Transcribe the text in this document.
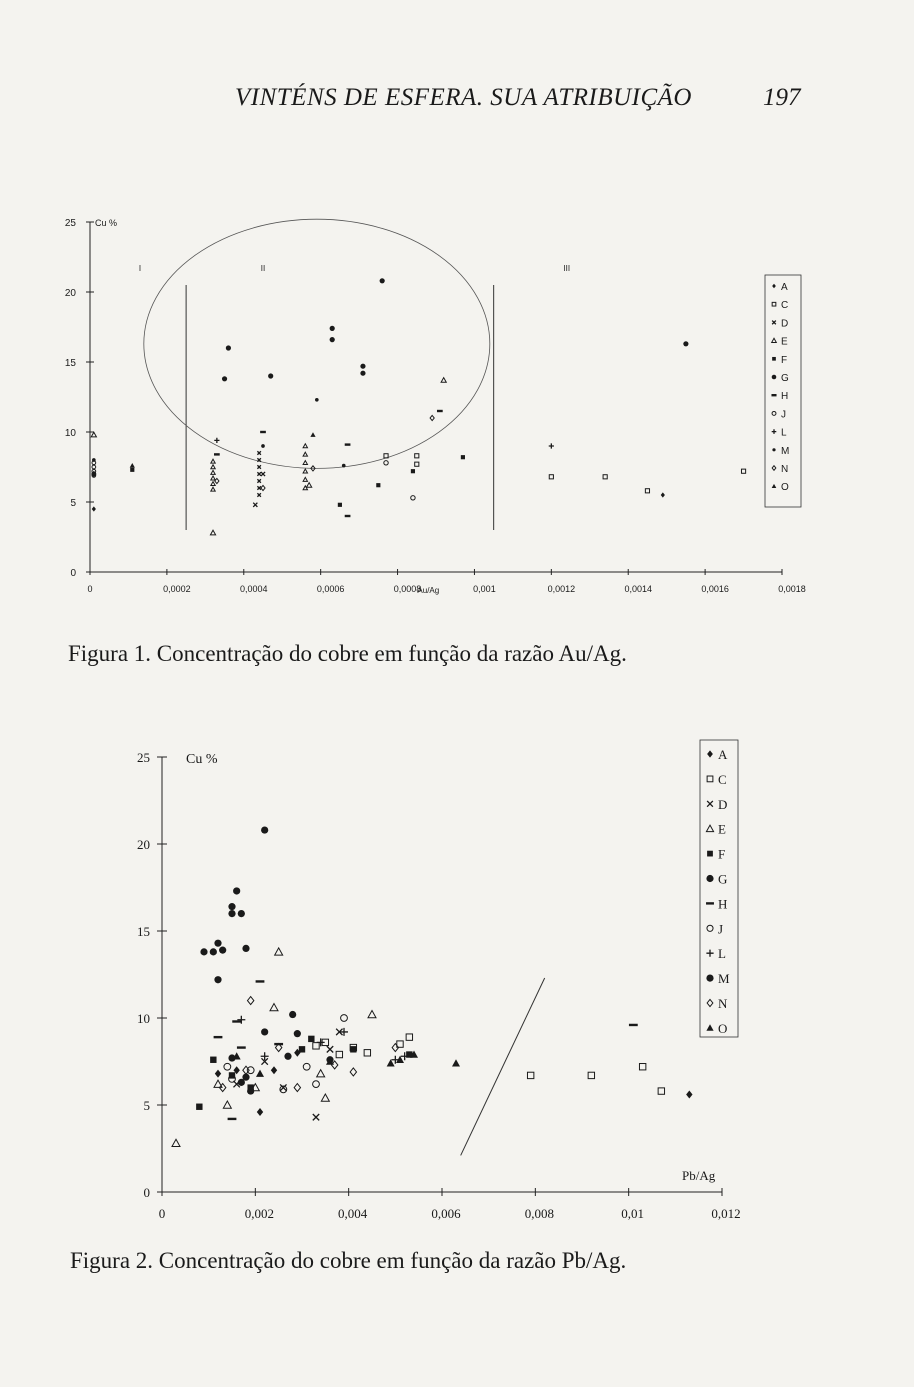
VINTÉNS DE ESFERA. SUA ATRIBUIÇÃO	197
0
5
10
15
20
25
0	0,0002	0,0004	0,0006	0,0008	0,001	0,0012	0,0014	0,0016	0,0018
Cu %
Au/Ag
I	II	III
A
C
D
E
F
G
H
J
L
M
N
O
Figura 1. Concentração do cobre em função da razão Au/Ag.
0
5
10
15
20
25
0	0,002	0,004	0,006	0,008	0,01	0,012
Cu %
Pb/Ag
A
C
D
E
F
G
H
J
L
M
N
O
Figura 2. Concentração do cobre em função da razão Pb/Ag.
